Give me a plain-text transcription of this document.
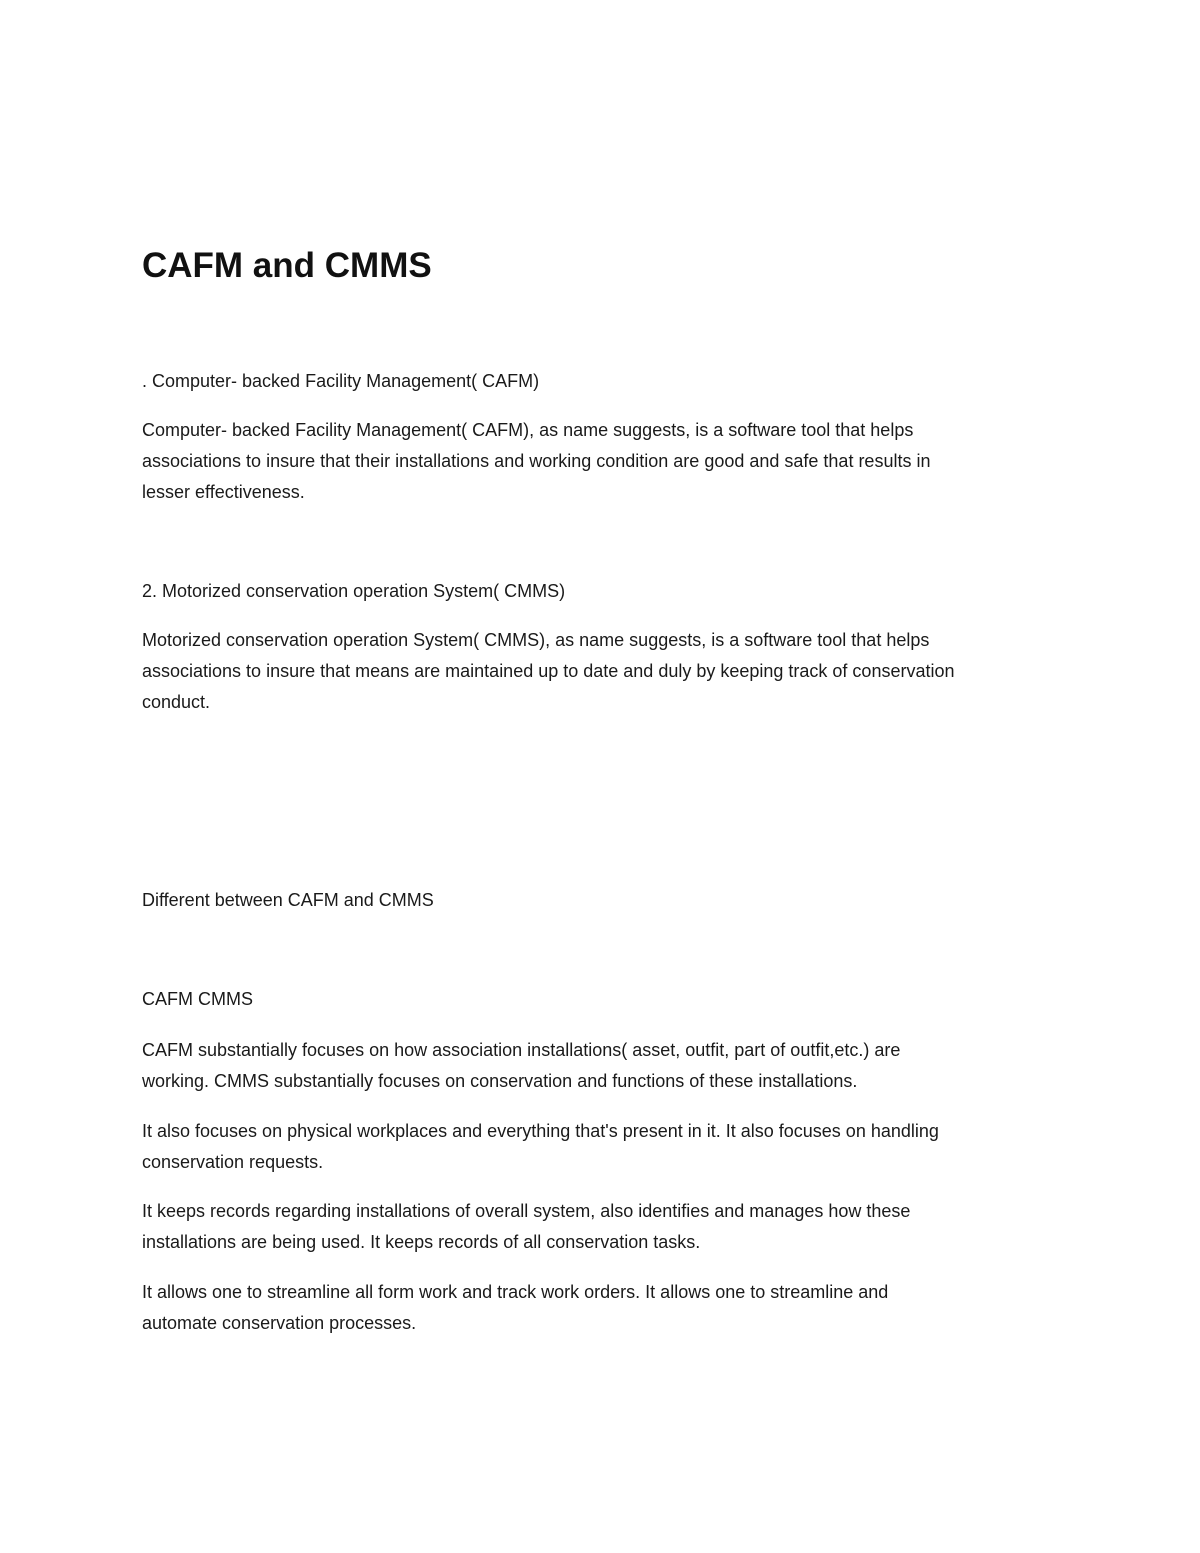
CAFM and CMMS

. Computer- backed Facility Management( CAFM)

Computer- backed Facility Management( CAFM), as name suggests, is a software tool that helps

associations to insure that their installations and working condition are good and safe that results in

lesser effectiveness.

2. Motorized conservation operation System( CMMS)

Motorized conservation operation System( CMMS), as name suggests, is a software tool that helps

associations to insure that means are maintained up to date and duly by keeping track of conservation

conduct.

Different between CAFM and CMMS

CAFM CMMS

CAFM substantially focuses on how association installations( asset, outfit, part of outfit,etc.) are

working. CMMS substantially focuses on conservation and functions of these installations.

It also focuses on physical workplaces and everything that's present in it. It also focuses on handling

conservation requests.

It keeps records regarding installations of overall system, also identifies and manages how these

installations are being used. It keeps records of all conservation tasks.

It allows one to streamline all form work and track work orders. It allows one to streamline and

automate conservation processes.
